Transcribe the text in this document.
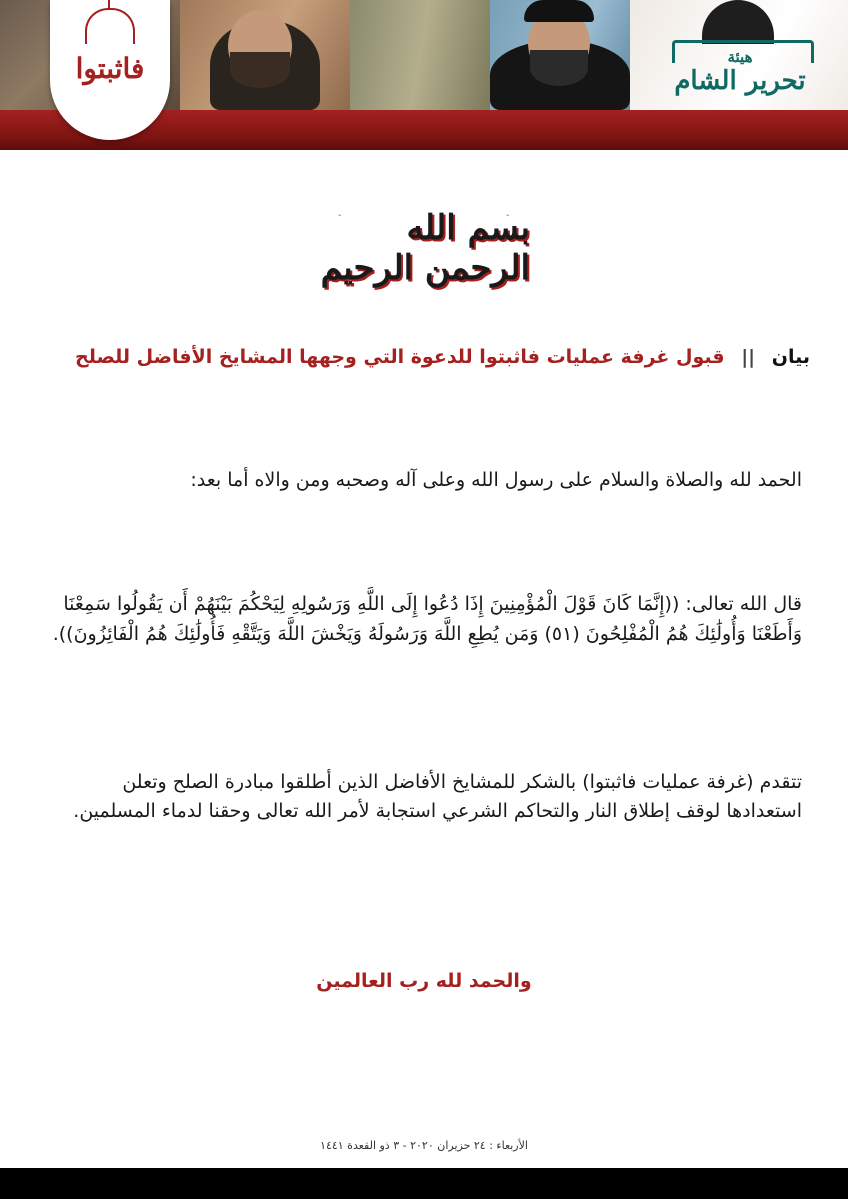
فاثبتوا	هيئة
تحرير الشام
بسم الله الرحمن الرحيم
بيان || قبول غرفة عمليات فاثبتوا للدعوة التي وجهها المشايخ الأفاضل للصلح
الحمد لله والصلاة والسلام على رسول الله وعلى آله وصحبه ومن والاه أما بعد:
قال الله تعالى: ((إِنَّمَا كَانَ قَوْلَ الْمُؤْمِنِينَ إِذَا دُعُوا إِلَى اللَّهِ وَرَسُولِهِ لِيَحْكُمَ بَيْنَهُمْ أَن يَقُولُوا سَمِعْنَا وَأَطَعْنَا وَأُولَٰئِكَ هُمُ الْمُفْلِحُونَ (٥١) وَمَن يُطِعِ اللَّهَ وَرَسُولَهُ وَيَخْشَ اللَّهَ وَيَتَّقْهِ فَأُولَٰئِكَ هُمُ الْفَائِزُونَ)).
تتقدم (غرفة عمليات فاثبتوا) بالشكر للمشايخ الأفاضل الذين أطلقوا مبادرة الصلح وتعلن استعدادها لوقف إطلاق النار والتحاكم الشرعي استجابة لأمر الله تعالى وحقنا لدماء المسلمين.
والحمد لله رب العالمين
الأربعاء : ٢٤ حزيران ٢٠٢٠ - ٣ ذو القعدة ١٤٤١
